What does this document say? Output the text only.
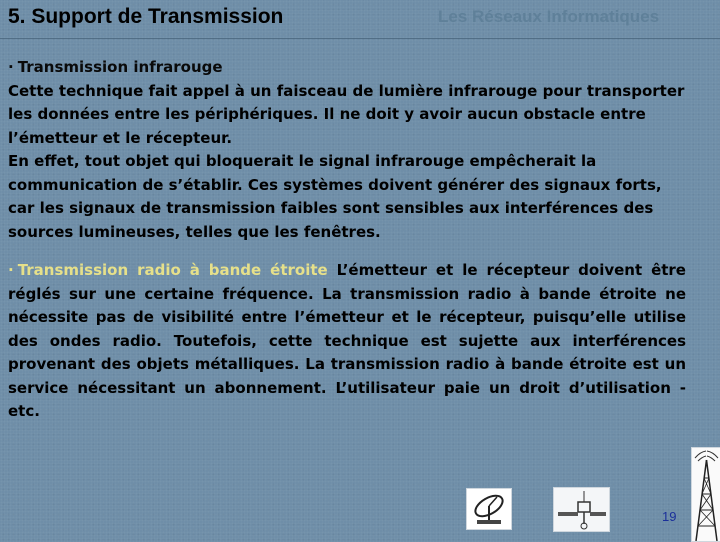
5. Support de Transmission	Les Réseaux Informatiques
· Transmission infrarouge

Cette technique fait appel à un faisceau de lumière infrarouge pour transporter les données entre les périphériques. Il ne doit y avoir aucun obstacle entre l’émetteur et le récepteur.

En effet, tout objet qui bloquerait le signal infrarouge empêcherait la communication de s’établir. Ces systèmes doivent générer des signaux forts, car les signaux de transmission faibles sont sensibles aux interférences des sources lumineuses, telles que les fenêtres.

· Transmission radio à bande étroite L’émetteur et le récepteur doivent être réglés sur une certaine fréquence. La transmission radio à bande étroite ne nécessite pas de visibilité entre l’émetteur et le récepteur, puisqu’elle utilise des ondes radio. Toutefois, cette technique est sujette aux interférences provenant des objets métalliques. La transmission radio à bande étroite est un service nécessitant un abonnement. L’utilisateur paie un droit d’utilisation - etc.

19
